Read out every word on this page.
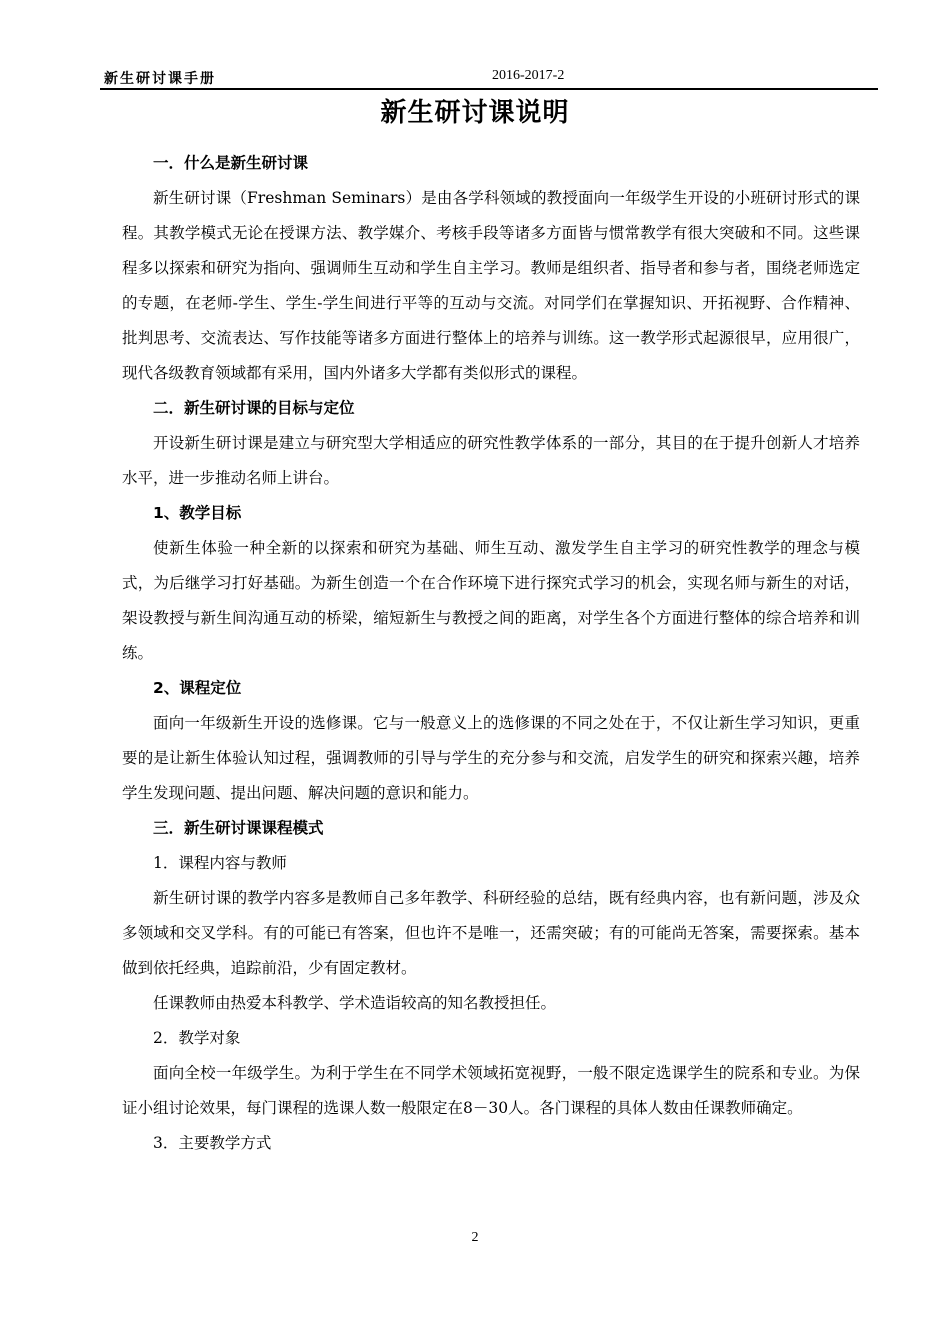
新生研讨课手册	2016-2017-2
新生研讨课说明
一．什么是新生研讨课

新生研讨课（Freshman Seminars）是由各学科领域的教授面向一年级学生开设的小班研讨形式的课程。其教学模式无论在授课方法、教学媒介、考核手段等诸多方面皆与惯常教学有很大突破和不同。这些课程多以探索和研究为指向、强调师生互动和学生自主学习。教师是组织者、指导者和参与者，围绕老师选定的专题，在老师-学生、学生-学生间进行平等的互动与交流。对同学们在掌握知识、开拓视野、合作精神、批判思考、交流表达、写作技能等诸多方面进行整体上的培养与训练。这一教学形式起源很早，应用很广，现代各级教育领域都有采用，国内外诸多大学都有类似形式的课程。

二．新生研讨课的目标与定位

开设新生研讨课是建立与研究型大学相适应的研究性教学体系的一部分，其目的在于提升创新人才培养水平，进一步推动名师上讲台。

1、教学目标

使新生体验一种全新的以探索和研究为基础、师生互动、激发学生自主学习的研究性教学的理念与模式，为后继学习打好基础。为新生创造一个在合作环境下进行探究式学习的机会，实现名师与新生的对话，架设教授与新生间沟通互动的桥梁，缩短新生与教授之间的距离，对学生各个方面进行整体的综合培养和训练。

2、课程定位

面向一年级新生开设的选修课。它与一般意义上的选修课的不同之处在于，不仅让新生学习知识，更重要的是让新生体验认知过程，强调教师的引导与学生的充分参与和交流，启发学生的研究和探索兴趣，培养学生发现问题、提出问题、解决问题的意识和能力。

三．新生研讨课课程模式
1．课程内容与教师

新生研讨课的教学内容多是教师自己多年教学、科研经验的总结，既有经典内容，也有新问题，涉及众多领域和交叉学科。有的可能已有答案，但也许不是唯一，还需突破；有的可能尚无答案，需要探索。基本做到依托经典，追踪前沿，少有固定教材。

任课教师由热爱本科教学、学术造诣较高的知名教授担任。

2．教学对象

面向全校一年级学生。为利于学生在不同学术领域拓宽视野，一般不限定选课学生的院系和专业。为保证小组讨论效果，每门课程的选课人数一般限定在8－30人。各门课程的具体人数由任课教师确定。

3．主要教学方式
2
